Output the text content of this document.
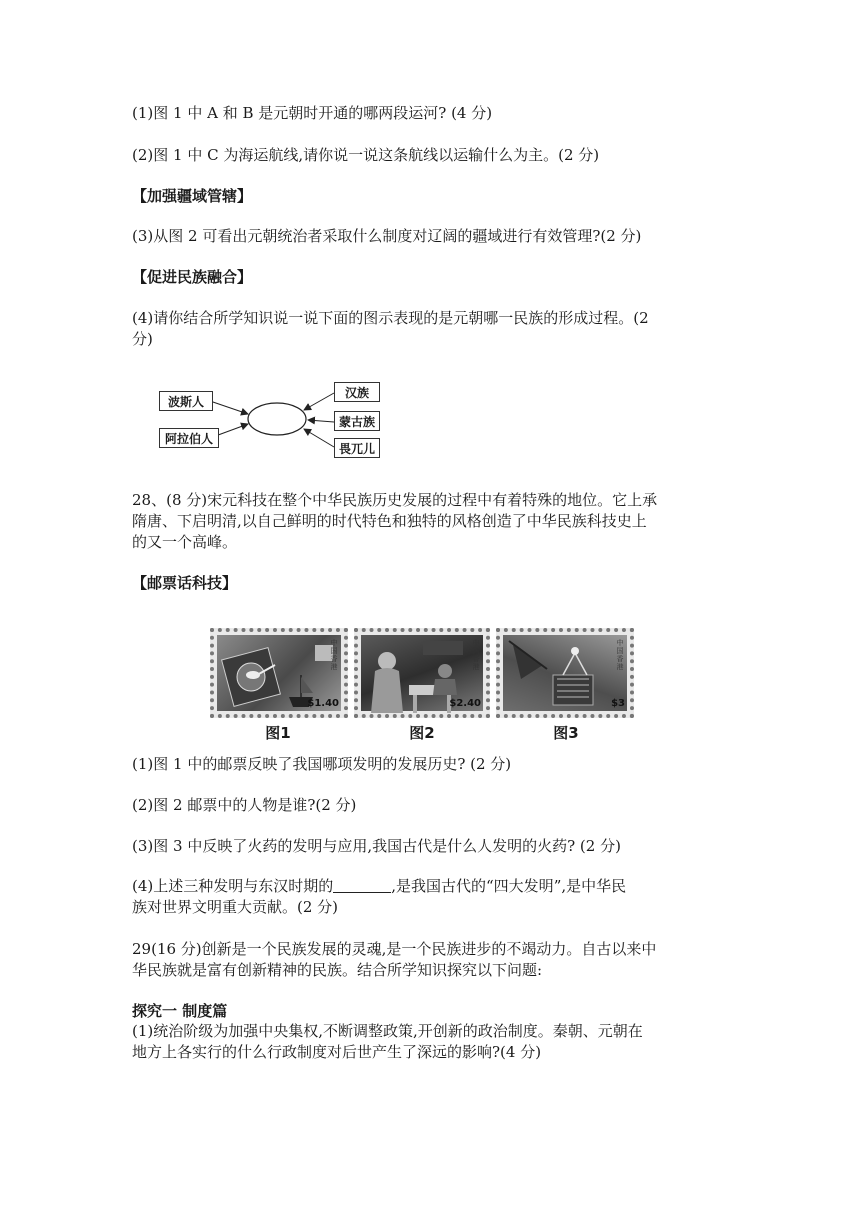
(1)图 1 中 A 和 B 是元朝时开通的哪两段运河? (4 分)
(2)图 1 中 C 为海运航线,请你说一说这条航线以运输什么为主。(2 分)
【加强疆域管辖】
(3)从图 2 可看出元朝统治者采取什么制度对辽阔的疆域进行有效管理?(2 分)
【促进民族融合】
(4)请你结合所学知识说一说下面的图示表现的是元朝哪一民族的形成过程。(2
分)
波斯人
阿拉伯人
汉族
蒙古族
畏兀儿
28、(8 分)宋元科技在整个中华民族历史发展的过程中有着特殊的地位。它上承
隋唐、下启明清,以自己鲜明的时代特色和独特的风格创造了中华民族科技史上
的又一个高峰。
【邮票话科技】
中国香港
$1.40
中国香港
$2.40
中国香港
$3
图1	图2	图3
(1)图 1 中的邮票反映了我国哪项发明的发展历史? (2 分)
(2)图 2 邮票中的人物是谁?(2 分)
(3)图 3 中反映了火药的发明与应用,我国古代是什么人发明的火药? (2 分)
(4)上述三种发明与东汉时期的	,是我国古代的“四大发明”,是中华民
族对世界文明重大贡献。(2 分)
29(16 分)创新是一个民族发展的灵魂,是一个民族进步的不竭动力。自古以来中
华民族就是富有创新精神的民族。结合所学知识探究以下问题:
探究一 制度篇
(1)统治阶级为加强中央集权,不断调整政策,开创新的政治制度。秦朝、元朝在
地方上各实行的什么行政制度对后世产生了深远的影响?(4 分)
